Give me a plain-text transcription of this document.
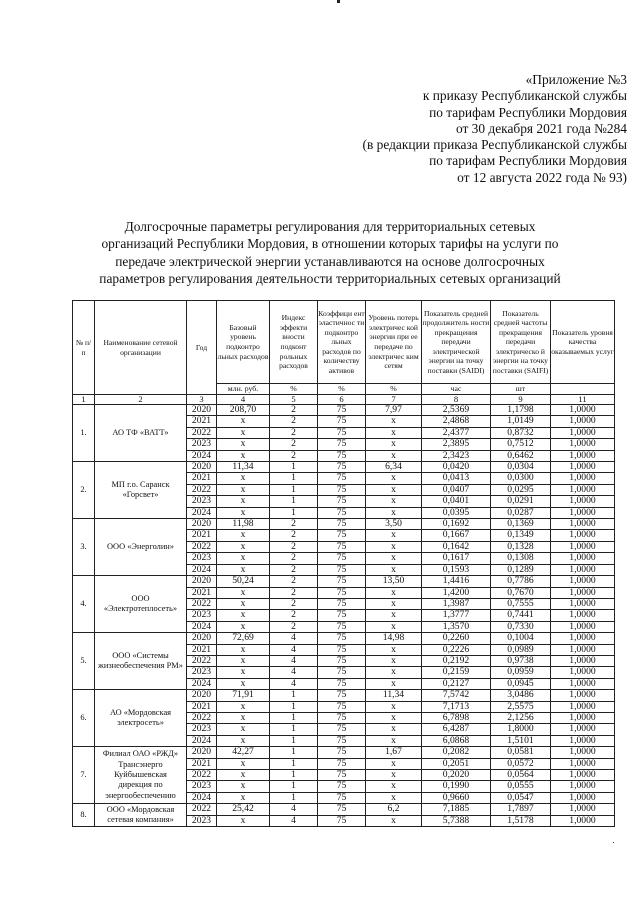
«Приложение №3
к приказу Республиканской службы
по тарифам Республики Мордовия
от 30 декабря 2021 года №284
(в редакции приказа Республиканской службы
по тарифам Республики Мордовия
от 12 августа 2022 года № 93)
Долгосрочные параметры регулирования для территориальных сетевых
организаций Республики Мордовия, в отношении которых тарифы на услуги по
передаче электрической энергии устанавливаются на основе долгосрочных
параметров регулирования деятельности территориальных сетевых организаций
№ п/ п	Наименование сетевой организации	Год	Базовый уровень подконтро льных расходов	Индекс эффекти вности подконт рольных расходов	Коэффици ент эластичнос ти подконтро льных расходов по количеству активов	Уровень потерь электричес кой энергии при ее передаче по электричес ким сетям	Показатель средней продолжитель ности прекращения передачи электрической энергии на точку поставки (SAIDI)	Показатель средней частоты прекращения передачи электрическо й энергии на точку поставки (SAIFI)	Показатель уровня качества оказываемых услуг
			млн. руб.	%	%	%	час	шт	
1	2	3	4	5	6	7	8	9	11
1.	АО ТФ «ВАТТ»	2020	208,70	2	75	7,97	2,5369	1,1798	1,0000
		2021	x	2	75	x	2,4868	1,0149	1,0000
		2022	x	2	75	x	2,4377	0,8732	1,0000
		2023	x	2	75	x	2,3895	0,7512	1,0000
		2024	x	2	75	x	2,3423	0,6462	1,0000
2.	МП г.о. Саранск «Горсвет»	2020	11,34	1	75	6,34	0,0420	0,0304	1,0000
		2021	x	1	75	x	0,0413	0,0300	1,0000
		2022	x	1	75	x	0,0407	0,0295	1,0000
		2023	x	1	75	x	0,0401	0,0291	1,0000
		2024	x	1	75	x	0,0395	0,0287	1,0000
3.	ООО «Энерголин»	2020	11,98	2	75	3,50	0,1692	0,1369	1,0000
		2021	x	2	75	x	0,1667	0,1349	1,0000
		2022	x	2	75	x	0,1642	0,1328	1,0000
		2023	x	2	75	x	0,1617	0,1308	1,0000
		2024	x	2	75	x	0,1593	0,1289	1,0000
4.	ООО «Электротеплосеть»	2020	50,24	2	75	13,50	1,4416	0,7786	1,0000
		2021	x	2	75	x	1,4200	0,7670	1,0000
		2022	x	2	75	x	1,3987	0,7555	1,0000
		2023	x	2	75	x	1,3777	0,7441	1,0000
		2024	x	2	75	x	1,3570	0,7330	1,0000
5.	ООО «Системы жизнеобеспечения РМ»	2020	72,69	4	75	14,98	0,2260	0,1004	1,0000
		2021	x	4	75	x	0,2226	0,0989	1,0000
		2022	x	4	75	x	0,2192	0,9738	1,0000
		2023	x	4	75	x	0,2159	0,0959	1,0000
		2024	x	4	75	x	0,2127	0,0945	1,0000
6.	АО «Мордовская электросеть»	2020	71,91	1	75	11,34	7,5742	3,0486	1,0000
		2021	x	1	75	x	7,1713	2,5575	1,0000
		2022	x	1	75	x	6,7898	2,1256	1,0000
		2023	x	1	75	x	6,4287	1,8000	1,0000
		2024	x	1	75	x	6,0868	1,5101	1,0000
7.	Филиал ОАО «РЖД» Трансэнерго Куйбышевская дирекция по энергообеспечению	2020	42,27	1	75	1,67	0,2082	0,0581	1,0000
		2021	x	1	75	x	0,2051	0,0572	1,0000
		2022	x	1	75	x	0,2020	0,0564	1,0000
		2023	x	1	75	x	0,1990	0,0555	1,0000
		2024	x	1	75	x	0,9660	0,0547	1,0000
8.	ООО «Мордовская сетевая компания»	2022	25,42	4	75	6,2	7,1885	1,7897	1,0000
		2023	x	4	75	x	5,7388	1,5178	1,0000
